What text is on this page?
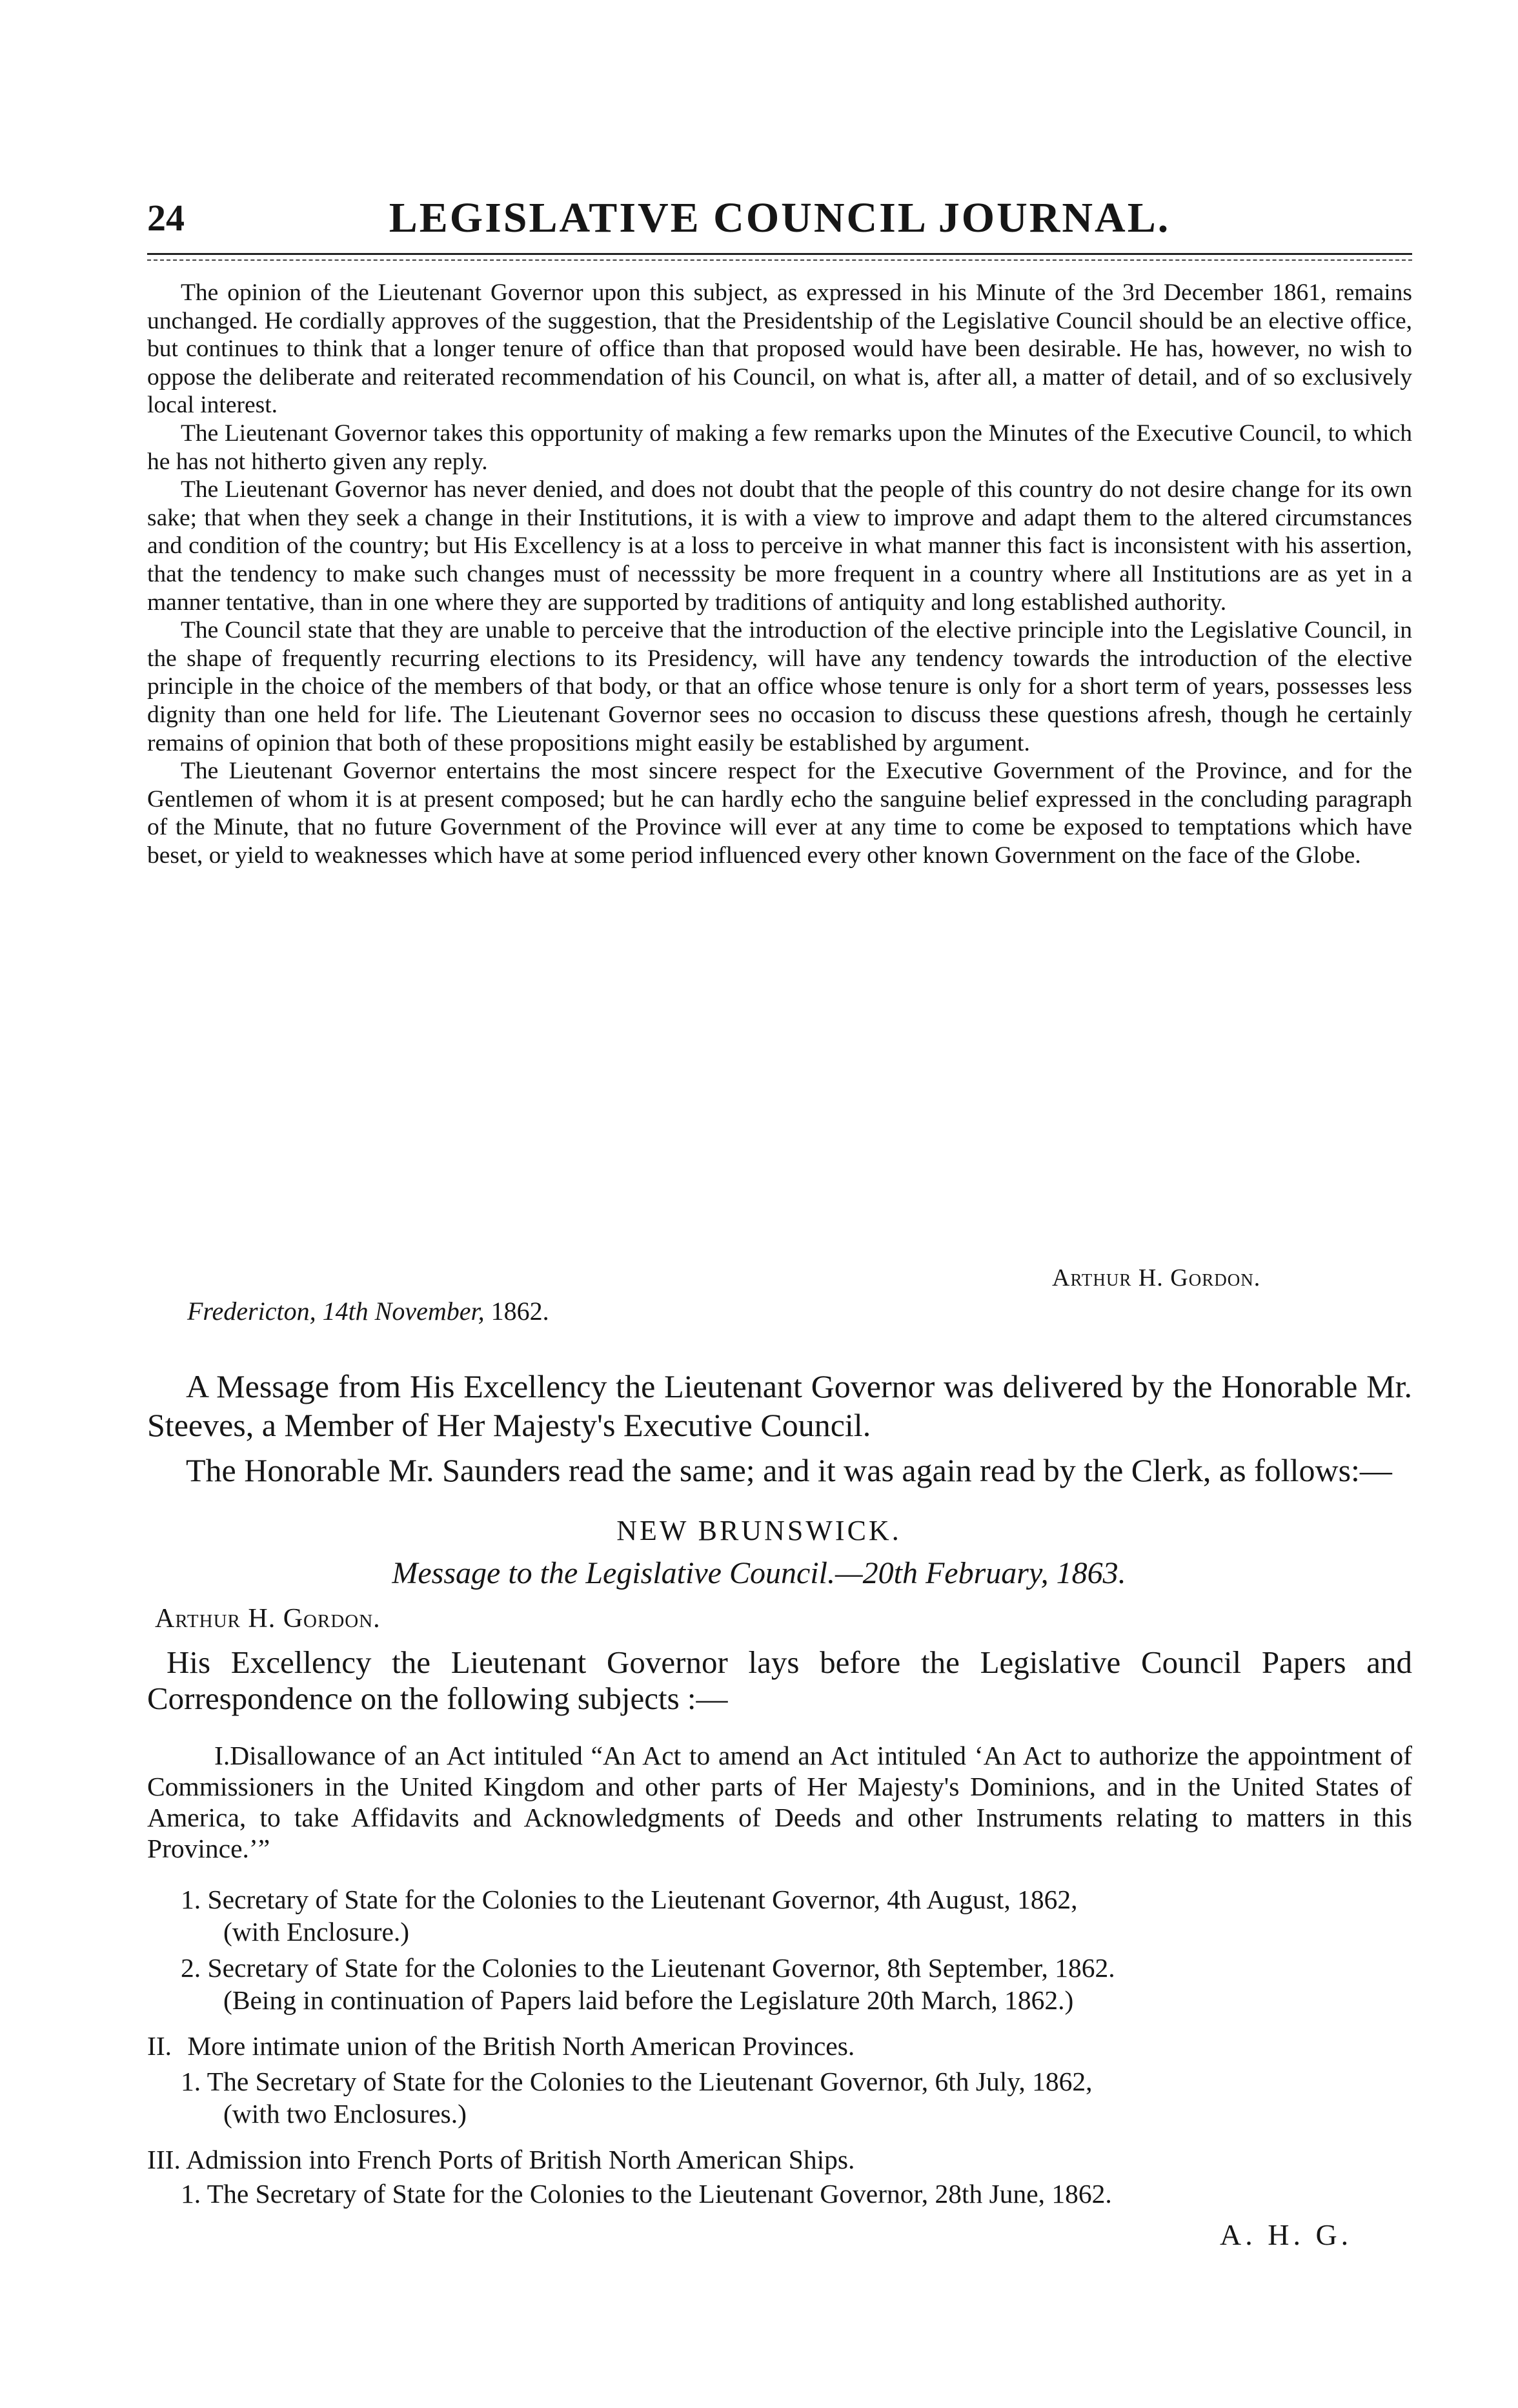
24	LEGISLATIVE COUNCIL JOURNAL.

The opinion of the Lieutenant Governor upon this subject, as expressed in his Minute of the 3rd December 1861, remains unchanged. He cordially approves of the suggestion, that the Presidentship of the Legislative Council should be an elective office, but continues to think that a longer tenure of office than that proposed would have been desirable. He has, however, no wish to oppose the deliberate and reiterated recommendation of his Council, on what is, after all, a matter of detail, and of so exclusively local interest.

The Lieutenant Governor takes this opportunity of making a few remarks upon the Minutes of the Executive Council, to which he has not hitherto given any reply.

The Lieutenant Governor has never denied, and does not doubt that the people of this country do not desire change for its own sake; that when they seek a change in their Institutions, it is with a view to improve and adapt them to the altered circumstances and condition of the country; but His Excellency is at a loss to perceive in what manner this fact is inconsistent with his assertion, that the tendency to make such changes must of necesssity be more frequent in a country where all Institutions are as yet in a manner tentative, than in one where they are supported by traditions of antiquity and long established authority.

The Council state that they are unable to perceive that the introduction of the elective principle into the Legislative Council, in the shape of frequently recurring elections to its Presidency, will have any tendency towards the introduction of the elective principle in the choice of the members of that body, or that an office whose tenure is only for a short term of years, possesses less dignity than one held for life. The Lieutenant Governor sees no occasion to discuss these questions afresh, though he certainly remains of opinion that both of these propositions might easily be established by argument.

The Lieutenant Governor entertains the most sincere respect for the Executive Government of the Province, and for the Gentlemen of whom it is at present composed; but he can hardly echo the sanguine belief expressed in the concluding paragraph of the Minute, that no future Government of the Province will ever at any time to come be exposed to temptations which have beset, or yield to weaknesses which have at some period influenced every other known Government on the face of the Globe.

Arthur H. Gordon.
Fredericton, 14th November, 1862.

A Message from His Excellency the Lieutenant Governor was delivered by the Honorable Mr. Steeves, a Member of Her Majesty's Executive Council.

The Honorable Mr. Saunders read the same; and it was again read by the Clerk, as follows:—

NEW BRUNSWICK.
Message to the Legislative Council.—20th February, 1863.
Arthur H. Gordon.

His Excellency the Lieutenant Governor lays before the Legislative Council Papers and Correspondence on the following subjects :—

I.Disallowance of an Act intituled “An Act to amend an Act intituled ‘An Act to authorize the appointment of Commissioners in the United Kingdom and other parts of Her Majesty's Dominions, and in the United States of America, to take Affidavits and Acknowledgments of Deeds and other Instruments relating to matters in this Province.’”

1. Secretary of State for the Colonies to the Lieutenant Governor, 4th August, 1862,
(with Enclosure.)
2. Secretary of State for the Colonies to the Lieutenant Governor, 8th September, 1862.
(Being in continuation of Papers laid before the Legislature 20th March, 1862.)

II. More intimate union of the British North American Provinces.

1. The Secretary of State for the Colonies to the Lieutenant Governor, 6th July, 1862,
(with two Enclosures.)

III. Admission into French Ports of British North American Ships.

1. The Secretary of State for the Colonies to the Lieutenant Governor, 28th June, 1862.
A. H. G.
